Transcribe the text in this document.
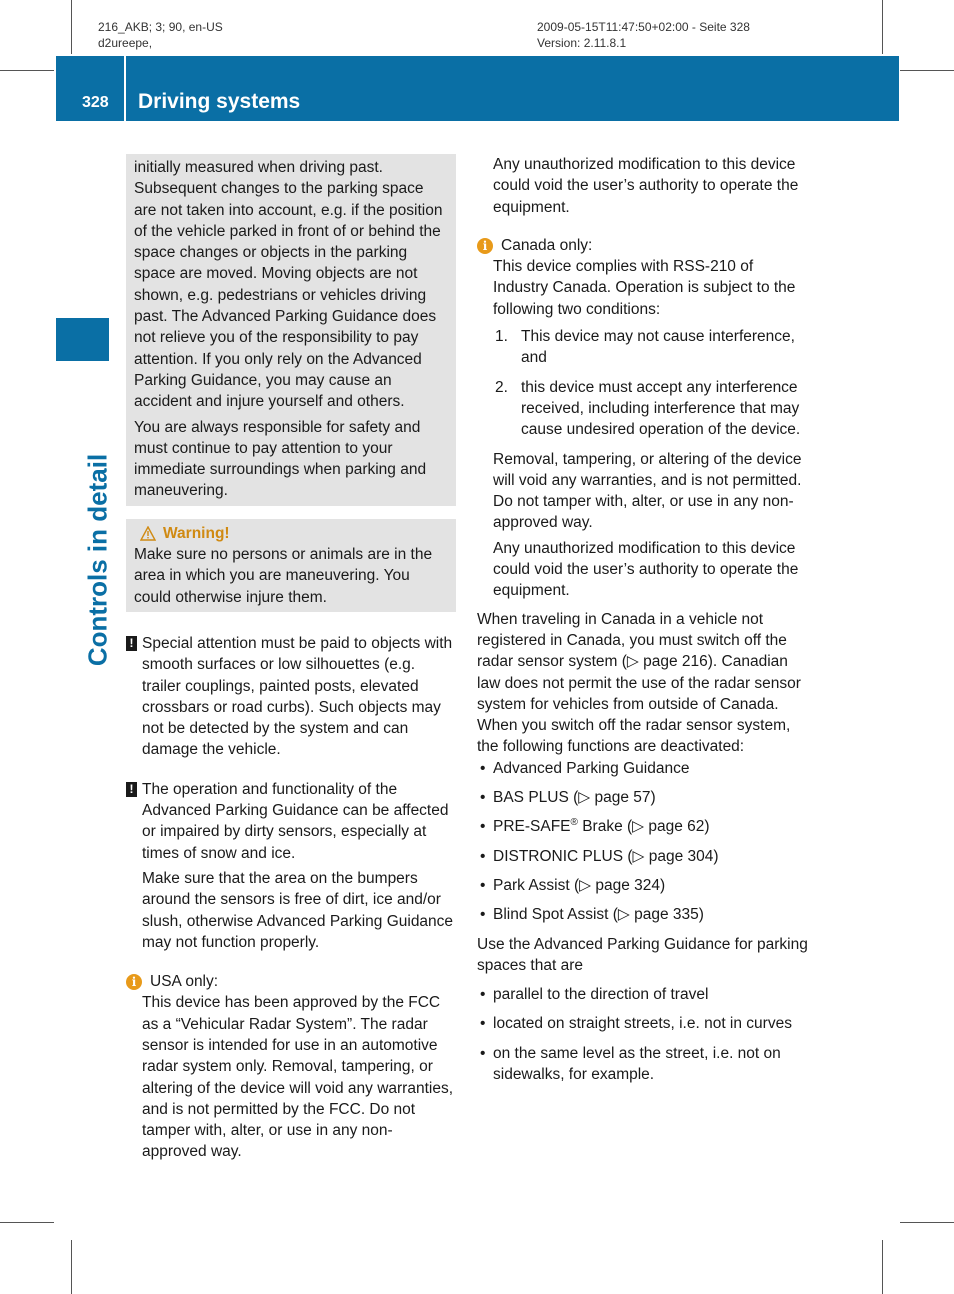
216_AKB; 3; 90, en-US
d2ureepe,
2009-05-15T11:47:50+02:00 - Seite 328
Version: 2.11.8.1
328 Driving systems
Controls in detail

initially measured when driving past. Subsequent changes to the parking space are not taken into account, e.g. if the position of the vehicle parked in front of or behind the space changes or objects in the parking space are moved. Moving objects are not shown, e.g. pedestrians or vehicles driving past. The Advanced Parking Guidance does not relieve you of the responsibility to pay attention. If you only rely on the Advanced Parking Guidance, you may cause an accident and injure yourself and others.

You are always responsible for safety and must continue to pay attention to your immediate surroundings when parking and maneuvering.

Warning!

Make sure no persons or animals are in the area in which you are maneuvering. You could otherwise injure them.

! Special attention must be paid to objects with smooth surfaces or low silhouettes (e.g. trailer couplings, painted posts, elevated crossbars or road curbs). Such objects may not be detected by the system and can damage the vehicle.

! The operation and functionality of the Advanced Parking Guidance can be affected or impaired by dirty sensors, especially at times of snow and ice.

Make sure that the area on the bumpers around the sensors is free of dirt, ice and/or slush, otherwise Advanced Parking Guidance may not function properly.

i USA only:

This device has been approved by the FCC as a “Vehicular Radar System”. The radar sensor is intended for use in an automotive radar system only. Removal, tampering, or altering of the device will void any warranties, and is not permitted by the FCC. Do not tamper with, alter, or use in any non-approved way.

Any unauthorized modification to this device could void the user’s authority to operate the equipment.

i Canada only:

This device complies with RSS-210 of Industry Canada. Operation is subject to the following two conditions:

1. This device may not cause interference, and
2. this device must accept any interference received, including interference that may cause undesired operation of the device.

Removal, tampering, or altering of the device will void any warranties, and is not permitted. Do not tamper with, alter, or use in any non-approved way.

Any unauthorized modification to this device could void the user’s authority to operate the equipment.

When traveling in Canada in a vehicle not registered in Canada, you must switch off the radar sensor system (▷ page 216). Canadian law does not permit the use of the radar sensor system for vehicles from outside of Canada. When you switch off the radar sensor system, the following functions are deactivated:

• Advanced Parking Guidance
• BAS PLUS (▷ page 57)
• PRE-SAFE® Brake (▷ page 62)
• DISTRONIC PLUS (▷ page 304)
• Park Assist (▷ page 324)
• Blind Spot Assist (▷ page 335)

Use the Advanced Parking Guidance for parking spaces that are

• parallel to the direction of travel
• located on straight streets, i.e. not in curves
• on the same level as the street, i.e. not on sidewalks, for example.
